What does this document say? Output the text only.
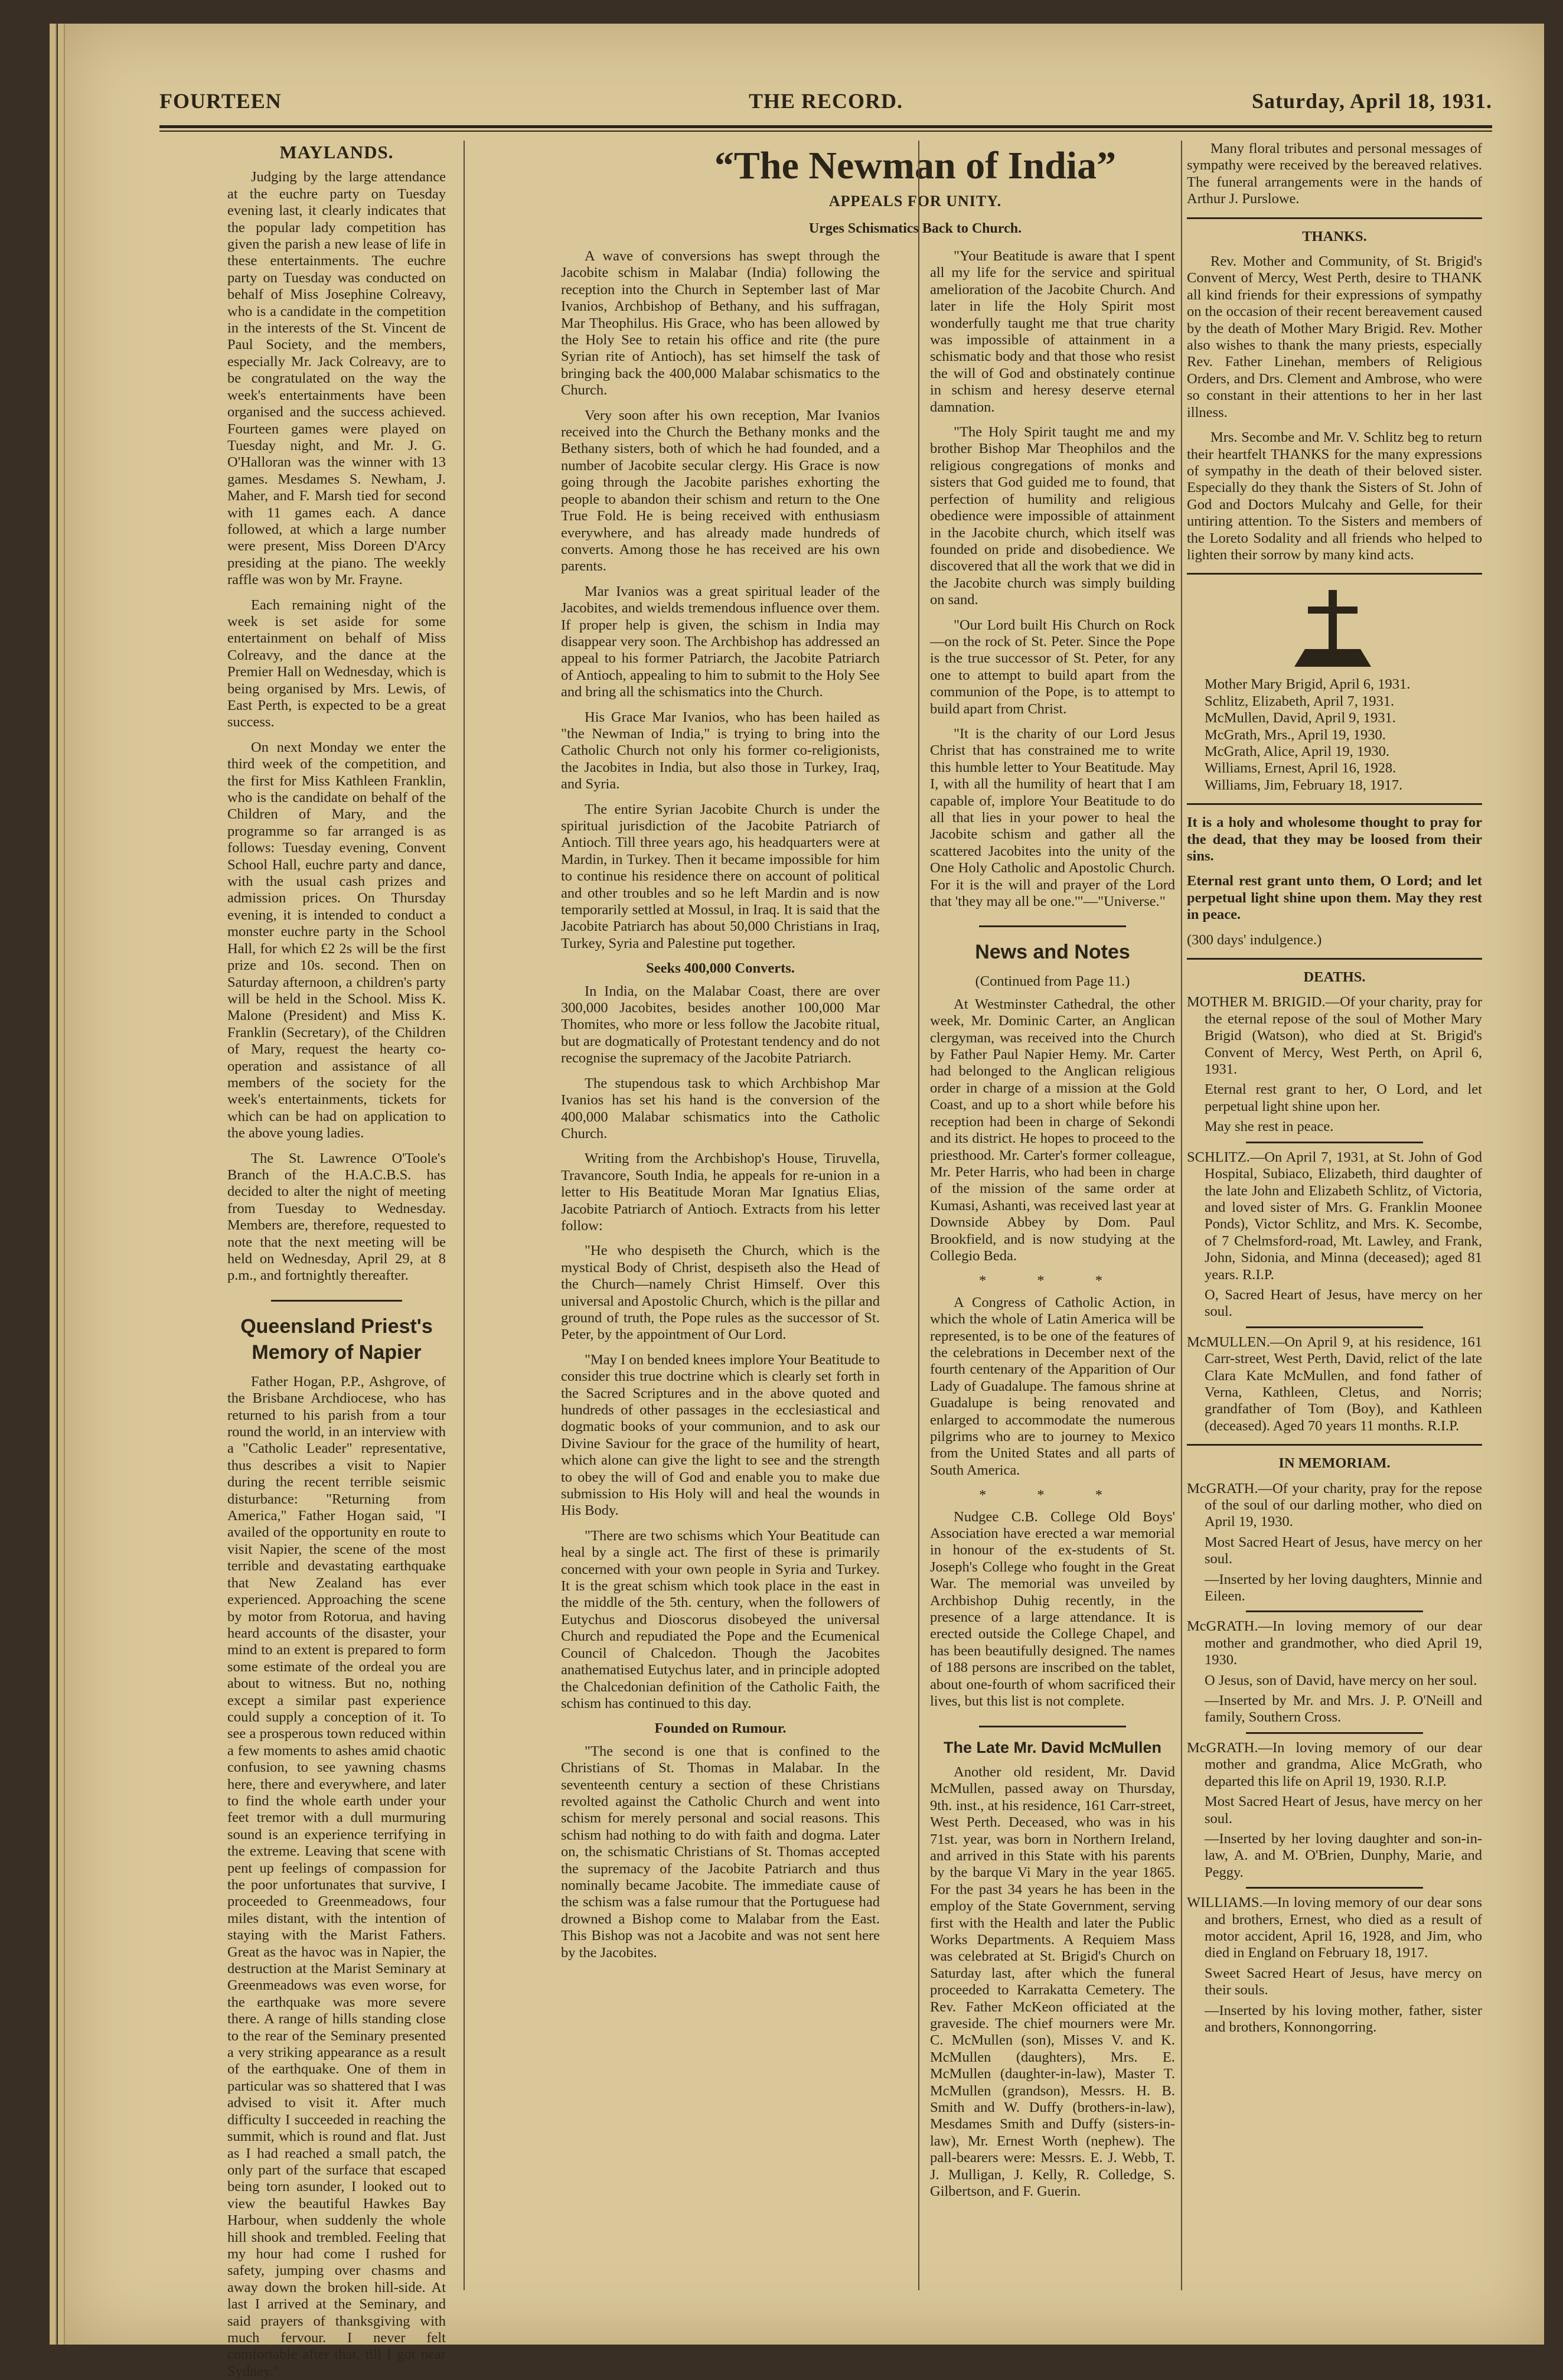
FOURTEEN	THE RECORD.	Saturday, April 18, 1931.
MAYLANDS.

Judging by the large attendance at the euchre party on Tuesday evening last, it clearly indicates that the popular lady competition has given the parish a new lease of life in these entertainments. The euchre party on Tuesday was conducted on behalf of Miss Josephine Colreavy, who is a candidate in the competition in the interests of the St. Vincent de Paul Society, and the members, especially Mr. Jack Colreavy, are to be congratulated on the way the week's entertainments have been organised and the success achieved. Fourteen games were played on Tuesday night, and Mr. J. G. O'Halloran was the winner with 13 games. Mesdames S. Newham, J. Maher, and F. Marsh tied for second with 11 games each. A dance followed, at which a large number were present, Miss Doreen D'Arcy presiding at the piano. The weekly raffle was won by Mr. Frayne.

Each remaining night of the week is set aside for some entertainment on behalf of Miss Colreavy, and the dance at the Premier Hall on Wednesday, which is being organised by Mrs. Lewis, of East Perth, is expected to be a great success.

On next Monday we enter the third week of the competition, and the first for Miss Kathleen Franklin, who is the candidate on behalf of the Children of Mary, and the programme so far arranged is as follows: Tuesday evening, Convent School Hall, euchre party and dance, with the usual cash prizes and admission prices. On Thursday evening, it is intended to conduct a monster euchre party in the School Hall, for which £2 2s will be the first prize and 10s. second. Then on Saturday afternoon, a children's party will be held in the School. Miss K. Malone (President) and Miss K. Franklin (Secretary), of the Children of Mary, request the hearty co-operation and assistance of all members of the society for the week's entertainments, tickets for which can be had on application to the above young ladies.

The St. Lawrence O'Toole's Branch of the H.A.C.B.S. has decided to alter the night of meeting from Tuesday to Wednesday. Members are, therefore, requested to note that the next meeting will be held on Wednesday, April 29, at 8 p.m., and fortnightly thereafter.

Queensland Priest's Memory of Napier

Father Hogan, P.P., Ashgrove, of the Brisbane Archdiocese, who has returned to his parish from a tour round the world, in an interview with a "Catholic Leader" representative, thus describes a visit to Napier during the recent terrible seismic disturbance: "Returning from America," Father Hogan said, "I availed of the opportunity en route to visit Napier, the scene of the most terrible and devastating earthquake that New Zealand has ever experienced. Approaching the scene by motor from Rotorua, and having heard accounts of the disaster, your mind to an extent is prepared to form some estimate of the ordeal you are about to witness. But no, nothing except a similar past experience could supply a conception of it. To see a prosperous town reduced within a few moments to ashes amid chaotic confusion, to see yawning chasms here, there and everywhere, and later to find the whole earth under your feet tremor with a dull murmuring sound is an experience terrifying in the extreme. Leaving that scene with pent up feelings of compassion for the poor unfortunates that survive, I proceeded to Greenmeadows, four miles distant, with the intention of staying with the Marist Fathers. Great as the havoc was in Napier, the destruction at the Marist Seminary at Greenmeadows was even worse, for the earthquake was more severe there. A range of hills standing close to the rear of the Seminary presented a very striking appearance as a result of the earthquake. One of them in particular was so shattered that I was advised to visit it. After much difficulty I succeeded in reaching the summit, which is round and flat. Just as I had reached a small patch, the only part of the surface that escaped being torn asunder, I looked out to view the beautiful Hawkes Bay Harbour, when suddenly the whole hill shook and trembled. Feeling that my hour had come I rushed for safety, jumping over chasms and away down the broken hill-side. At last I arrived at the Seminary, and said prayers of thanksgiving with much fervour. I never felt comfortable after that, till I got near Sydney."

“The Newman of India”
APPEALS FOR UNITY.
Urges Schismatics Back to Church.

A wave of conversions has swept through the Jacobite schism in Malabar (India) following the reception into the Church in September last of Mar Ivanios, Archbishop of Bethany, and his suffragan, Mar Theophilus. His Grace, who has been allowed by the Holy See to retain his office and rite (the pure Syrian rite of Antioch), has set himself the task of bringing back the 400,000 Malabar schismatics to the Church.

Very soon after his own reception, Mar Ivanios received into the Church the Bethany monks and the Bethany sisters, both of which he had founded, and a number of Jacobite secular clergy. His Grace is now going through the Jacobite parishes exhorting the people to abandon their schism and return to the One True Fold. He is being received with enthusiasm everywhere, and has already made hundreds of converts. Among those he has received are his own parents.

Mar Ivanios was a great spiritual leader of the Jacobites, and wields tremendous influence over them. If proper help is given, the schism in India may disappear very soon. The Archbishop has addressed an appeal to his former Patriarch, the Jacobite Patriarch of Antioch, appealing to him to submit to the Holy See and bring all the schismatics into the Church.

His Grace Mar Ivanios, who has been hailed as "the Newman of India," is trying to bring into the Catholic Church not only his former co-religionists, the Jacobites in India, but also those in Turkey, Iraq, and Syria.

The entire Syrian Jacobite Church is under the spiritual jurisdiction of the Jacobite Patriarch of Antioch. Till three years ago, his headquarters were at Mardin, in Turkey. Then it became impossible for him to continue his residence there on account of political and other troubles and so he left Mardin and is now temporarily settled at Mossul, in Iraq. It is said that the Jacobite Patriarch has about 50,000 Christians in Iraq, Turkey, Syria and Palestine put together.

Seeks 400,000 Converts.

In India, on the Malabar Coast, there are over 300,000 Jacobites, besides another 100,000 Mar Thomites, who more or less follow the Jacobite ritual, but are dogmatically of Protestant tendency and do not recognise the supremacy of the Jacobite Patriarch.

The stupendous task to which Archbishop Mar Ivanios has set his hand is the conversion of the 400,000 Malabar schismatics into the Catholic Church.

Writing from the Archbishop's House, Tiruvella, Travancore, South India, he appeals for re-union in a letter to His Beatitude Moran Mar Ignatius Elias, Jacobite Patriarch of Antioch. Extracts from his letter follow:

"He who despiseth the Church, which is the mystical Body of Christ, despiseth also the Head of the Church—namely Christ Himself. Over this universal and Apostolic Church, which is the pillar and ground of truth, the Pope rules as the successor of St. Peter, by the appointment of Our Lord.

"May I on bended knees implore Your Beatitude to consider this true doctrine which is clearly set forth in the Sacred Scriptures and in the above quoted and hundreds of other passages in the ecclesiastical and dogmatic books of your communion, and to ask our Divine Saviour for the grace of the humility of heart, which alone can give the light to see and the strength to obey the will of God and enable you to make due submission to His Holy will and heal the wounds in His Body.

"There are two schisms which Your Beatitude can heal by a single act. The first of these is primarily concerned with your own people in Syria and Turkey. It is the great schism which took place in the east in the middle of the 5th. century, when the followers of Eutychus and Dioscorus disobeyed the universal Church and repudiated the Pope and the Ecumenical Council of Chalcedon. Though the Jacobites anathematised Eutychus later, and in principle adopted the Chalcedonian definition of the Catholic Faith, the schism has continued to this day.

Founded on Rumour.

"The second is one that is confined to the Christians of St. Thomas in Malabar. In the seventeenth century a section of these Christians revolted against the Catholic Church and went into schism for merely personal and social reasons. This schism had nothing to do with faith and dogma. Later on, the schismatic Christians of St. Thomas accepted the supremacy of the Jacobite Patriarch and thus nominally became Jacobite. The immediate cause of the schism was a false rumour that the Portuguese had drowned a Bishop come to Malabar from the East. This Bishop was not a Jacobite and was not sent here by the Jacobites.

"Your Beatitude is aware that I spent all my life for the service and spiritual amelioration of the Jacobite Church. And later in life the Holy Spirit most wonderfully taught me that true charity was impossible of attainment in a schismatic body and that those who resist the will of God and obstinately continue in schism and heresy deserve eternal damnation.

"The Holy Spirit taught me and my brother Bishop Mar Theophilos and the religious congregations of monks and sisters that God guided me to found, that perfection of humility and religious obedience were impossible of attainment in the Jacobite church, which itself was founded on pride and disobedience. We discovered that all the work that we did in the Jacobite church was simply building on sand.

"Our Lord built His Church on Rock—on the rock of St. Peter. Since the Pope is the true successor of St. Peter, for any one to attempt to build apart from the communion of the Pope, is to attempt to build apart from Christ.

"It is the charity of our Lord Jesus Christ that has constrained me to write this humble letter to Your Beatitude. May I, with all the humility of heart that I am capable of, implore Your Beatitude to do all that lies in your power to heal the Jacobite schism and gather all the scattered Jacobites into the unity of the One Holy Catholic and Apostolic Church. For it is the will and prayer of the Lord that 'they may all be one.'"—"Universe."

News and Notes
(Continued from Page 11.)

At Westminster Cathedral, the other week, Mr. Dominic Carter, an Anglican clergyman, was received into the Church by Father Paul Napier Hemy. Mr. Carter had belonged to the Anglican religious order in charge of a mission at the Gold Coast, and up to a short while before his reception had been in charge of Sekondi and its district. He hopes to proceed to the priesthood. Mr. Carter's former colleague, Mr. Peter Harris, who had been in charge of the mission of the same order at Kumasi, Ashanti, was received last year at Downside Abbey by Dom. Paul Brookfield, and is now studying at the Collegio Beda.

* * *

A Congress of Catholic Action, in which the whole of Latin America will be represented, is to be one of the features of the celebrations in December next of the fourth centenary of the Apparition of Our Lady of Guadalupe. The famous shrine at Guadalupe is being renovated and enlarged to accommodate the numerous pilgrims who are to journey to Mexico from the United States and all parts of South America.

* * *

Nudgee C.B. College Old Boys' Association have erected a war memorial in honour of the ex-students of St. Joseph's College who fought in the Great War. The memorial was unveiled by Archbishop Duhig recently, in the presence of a large attendance. It is erected outside the College Chapel, and has been beautifully designed. The names of 188 persons are inscribed on the tablet, about one-fourth of whom sacrificed their lives, but this list is not complete.

The Late Mr. David McMullen

Another old resident, Mr. David McMullen, passed away on Thursday, 9th. inst., at his residence, 161 Carr-street, West Perth. Deceased, who was in his 71st. year, was born in Northern Ireland, and arrived in this State with his parents by the barque Vi Mary in the year 1865. For the past 34 years he has been in the employ of the State Government, serving first with the Health and later the Public Works Departments. A Requiem Mass was celebrated at St. Brigid's Church on Saturday last, after which the funeral proceeded to Karrakatta Cemetery. The Rev. Father McKeon officiated at the graveside. The chief mourners were Mr. C. McMullen (son), Misses V. and K. McMullen (daughters), Mrs. E. McMullen (daughter-in-law), Master T. McMullen (grandson), Messrs. H. B. Smith and W. Duffy (brothers-in-law), Mesdames Smith and Duffy (sisters-in-law), Mr. Ernest Worth (nephew). The pall-bearers were: Messrs. E. J. Webb, T. J. Mulligan, J. Kelly, R. Colledge, S. Gilbertson, and F. Guerin.

Many floral tributes and personal messages of sympathy were received by the bereaved relatives. The funeral arrangements were in the hands of Arthur J. Purslowe.

THANKS.

Rev. Mother and Community, of St. Brigid's Convent of Mercy, West Perth, desire to THANK all kind friends for their expressions of sympathy on the occasion of their recent bereavement caused by the death of Mother Mary Brigid. Rev. Mother also wishes to thank the many priests, especially Rev. Father Linehan, members of Religious Orders, and Drs. Clement and Ambrose, who were so constant in their attentions to her in her last illness.

Mrs. Secombe and Mr. V. Schlitz beg to return their heartfelt THANKS for the many expressions of sympathy in the death of their beloved sister. Especially do they thank the Sisters of St. John of God and Doctors Mulcahy and Gelle, for their untiring attention. To the Sisters and members of the Loreto Sodality and all friends who helped to lighten their sorrow by many kind acts.

Mother Mary Brigid, April 6, 1931.

Schlitz, Elizabeth, April 7, 1931.

McMullen, David, April 9, 1931.

McGrath, Mrs., April 19, 1930.

McGrath, Alice, April 19, 1930.

Williams, Ernest, April 16, 1928.

Williams, Jim, February 18, 1917.

It is a holy and wholesome thought to pray for the dead, that they may be loosed from their sins.

Eternal rest grant unto them, O Lord; and let perpetual light shine upon them. May they rest in peace.

(300 days' indulgence.)

DEATHS.

MOTHER M. BRIGID.—Of your charity, pray for the eternal repose of the soul of Mother Mary Brigid (Watson), who died at St. Brigid's Convent of Mercy, West Perth, on April 6, 1931.

Eternal rest grant to her, O Lord, and let perpetual light shine upon her.

May she rest in peace.

SCHLITZ.—On April 7, 1931, at St. John of God Hospital, Subiaco, Elizabeth, third daughter of the late John and Elizabeth Schlitz, of Victoria, and loved sister of Mrs. G. Franklin Moonee Ponds), Victor Schlitz, and Mrs. K. Secombe, of 7 Chelmsford-road, Mt. Lawley, and Frank, John, Sidonia, and Minna (deceased); aged 81 years. R.I.P.

O, Sacred Heart of Jesus, have mercy on her soul.

McMULLEN.—On April 9, at his residence, 161 Carr-street, West Perth, David, relict of the late Clara Kate McMullen, and fond father of Verna, Kathleen, Cletus, and Norris; grandfather of Tom (Boy), and Kathleen (deceased). Aged 70 years 11 months. R.I.P.

IN MEMORIAM.

McGRATH.—Of your charity, pray for the repose of the soul of our darling mother, who died on April 19, 1930.

Most Sacred Heart of Jesus, have mercy on her soul.

—Inserted by her loving daughters, Minnie and Eileen.

McGRATH.—In loving memory of our dear mother and grandmother, who died April 19, 1930.

O Jesus, son of David, have mercy on her soul.

—Inserted by Mr. and Mrs. J. P. O'Neill and family, Southern Cross.

McGRATH.—In loving memory of our dear mother and grandma, Alice McGrath, who departed this life on April 19, 1930. R.I.P.

Most Sacred Heart of Jesus, have mercy on her soul.

—Inserted by her loving daughter and son-in-law, A. and M. O'Brien, Dunphy, Marie, and Peggy.

WILLIAMS.—In loving memory of our dear sons and brothers, Ernest, who died as a result of motor accident, April 16, 1928, and Jim, who died in England on February 18, 1917.

Sweet Sacred Heart of Jesus, have mercy on their souls.

—Inserted by his loving mother, father, sister and brothers, Konnongorring.
